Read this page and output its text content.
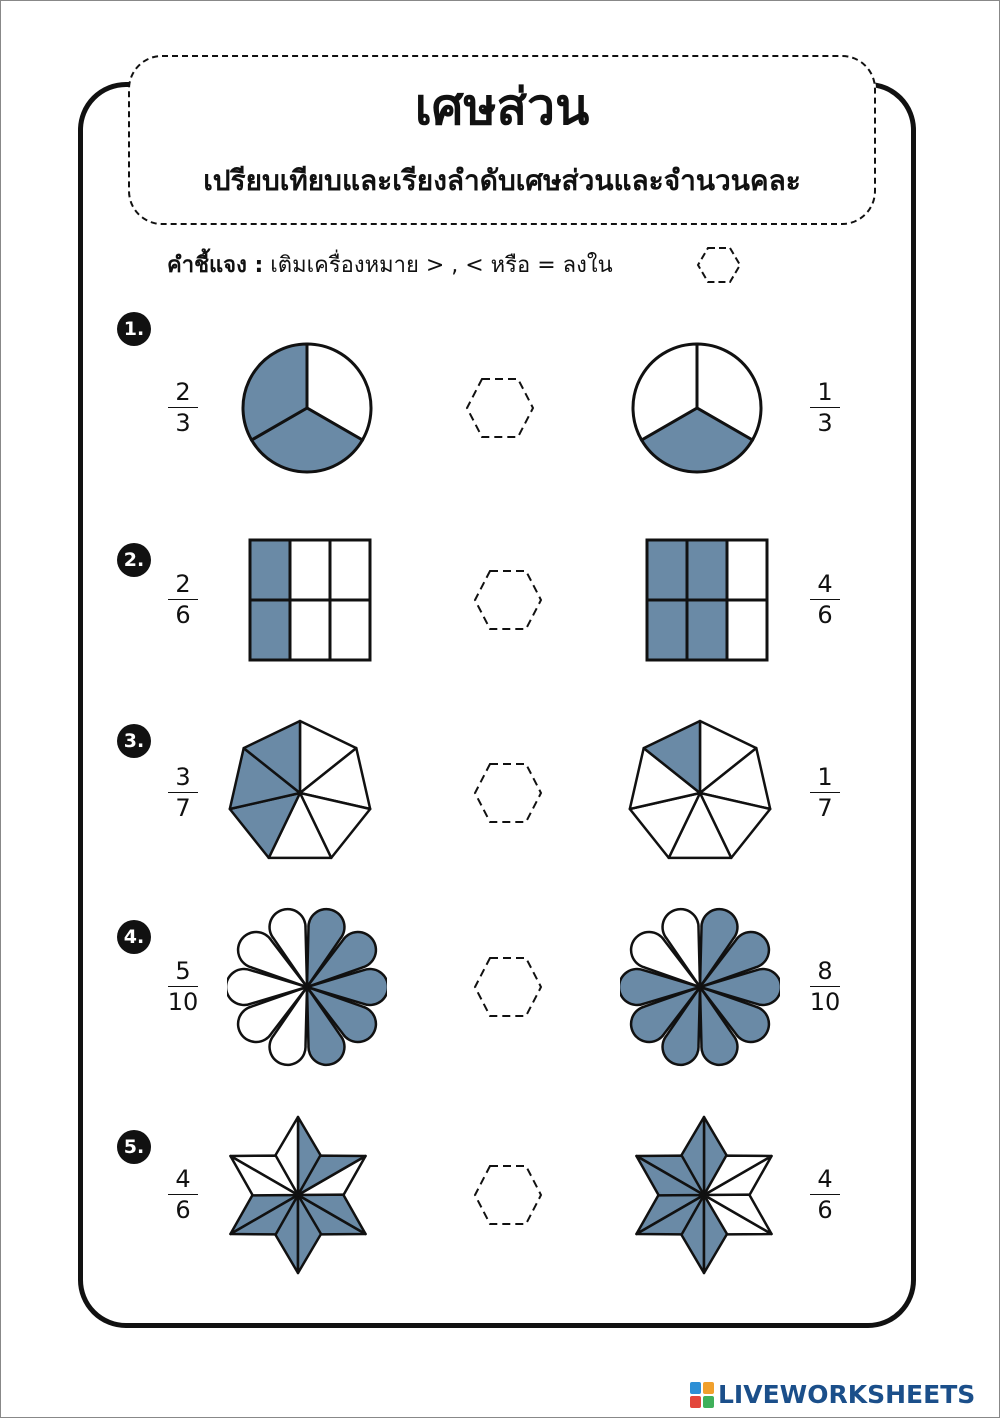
เศษส่วน
เปรียบเทียบและเรียงลำดับเศษส่วนและจำนวนคละ
คำชี้แจง : เติมเครื่องหมาย > , < หรือ = ลงใน
1.
2
3
1
3
2.
2
6
4
6
3.
3
7
1
7
4.
5
10
8
10
5.
4
6
4
6
LIVEWORKSHEETS
